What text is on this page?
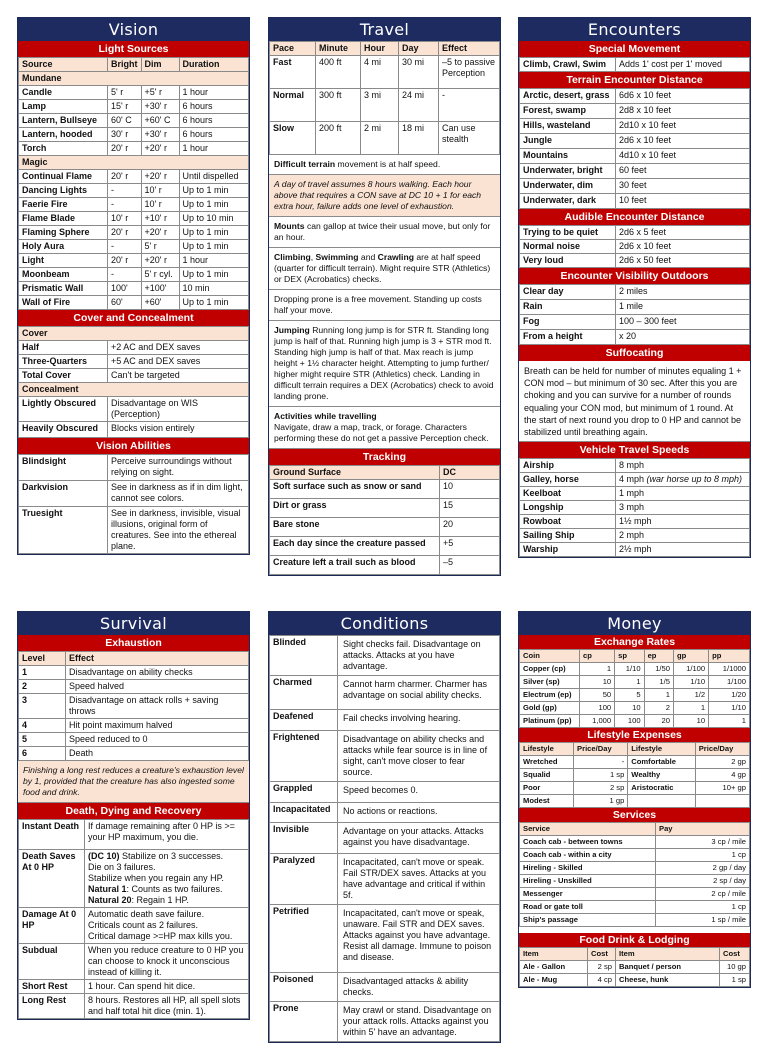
Vision
Light Sources
Source	Bright	Dim	Duration
Mundane			
Candle	5' r	+5' r	1 hour
Lamp	15' r	+30' r	6 hours
Lantern, Bullseye	60' C	+60' C	6 hours
Lantern, hooded	30' r	+30' r	6 hours
Torch	20' r	+20' r	1 hour
Magic			
Continual Flame	20' r	+20' r	Until dispelled
Dancing Lights	-	10' r	Up to 1 min
Faerie Fire	-	10' r	Up to 1 min
Flame Blade	10' r	+10' r	Up to 10 min
Flaming Sphere	20' r	+20' r	Up to 1 min
Holy Aura	-	5' r	Up to 1 min
Light	20' r	+20' r	1 hour
Moonbeam	-	5' r cyl.	Up to 1 min
Prismatic Wall	100'	+100'	10 min
Wall of Fire	60'	+60'	Up to 1 min
Cover and Concealment
Cover	
Half	+2 AC and DEX saves
Three-Quarters	+5 AC and DEX saves
Total Cover	Can't be targeted
Concealment	
Lightly Obscured	Disadvantage on WIS (Perception)
Heavily Obscured	Blocks vision entirely
Vision Abilities
Blindsight	Perceive surroundings without relying on sight.
Darkvision	See in darkness as if in dim light, cannot see colors.
Truesight	See in darkness, invisible, visual illusions, original form of creatures. See into the ethereal plane.
Travel
Pace	Minute	Hour	Day	Effect
Fast	400 ft	4 mi	30 mi	–5 to passive Perception
Normal	300 ft	3 mi	24 mi	-
Slow	200 ft	2 mi	18 mi	Can use stealth
Difficult terrain movement is at half speed.
A day of travel assumes 8 hours walking. Each hour above that requires a CON save at DC 10 + 1 for each extra hour, failure adds one level of exhaustion.
Mounts can gallop at twice their usual move, but only for an hour.
Climbing, Swimming and Crawling are at half speed (quarter for difficult terrain). Might require STR (Athletics) or DEX (Acrobatics) checks.
Dropping prone is a free movement. Standing up costs half your move.
Jumping Running long jump is for STR ft. Standing long jump is half of that. Running high jump is 3 + STR mod ft. Standing high jump is half of that. Max reach is jump height + 1½ character height. Attempting to jump further/ higher might require STR (Athletics) check. Landing in difficult terrain requires a DEX (Acrobatics) check to avoid landing prone.
Activities while travelling
Navigate, draw a map, track, or forage. Characters performing these do not get a passive Perception check.
Tracking
Ground Surface	DC
Soft surface such as snow or sand	10
Dirt or grass	15
Bare stone	20
Each day since the creature passed	+5
Creature left a trail such as blood	–5
Encounters
Special Movement
Climb, Crawl, Swim	Adds 1' cost per 1' moved
Terrain Encounter Distance
Arctic, desert, grass	6d6 x 10 feet
Forest, swamp	2d8 x 10 feet
Hills, wasteland	2d10 x 10 feet
Jungle	2d6 x 10 feet
Mountains	4d10 x 10 feet
Underwater, bright	60 feet
Underwater, dim	30 feet
Underwater, dark	10 feet
Audible Encounter Distance
Trying to be quiet	2d6 x 5 feet
Normal noise	2d6 x 10 feet
Very loud	2d6 x 50 feet
Encounter Visibility Outdoors
Clear day	2 miles
Rain	1 mile
Fog	100 – 300 feet
From a height	x 20
Suffocating
Breath can be held for number of minutes equaling 1 + CON mod – but minimum of 30 sec. After this you are choking and you can survive for a number of rounds equaling your CON mod, but minimum of 1 round. At the start of next round you drop to 0 HP and cannot be stabilized until breathing again.
Vehicle Travel Speeds
Airship	8 mph
Galley, horse	4 mph (war horse up to 8 mph)
Keelboat	1 mph
Longship	3 mph
Rowboat	1½ mph
Sailing Ship	2 mph
Warship	2½ mph
Survival
Exhaustion
Level	Effect
1	Disadvantage on ability checks
2	Speed halved
3	Disadvantage on attack rolls + saving throws
4	Hit point maximum halved
5	Speed reduced to 0
6	Death
Finishing a long rest reduces a creature's exhaustion level by 1, provided that the creature has also ingested some food and drink.
Death, Dying and Recovery
Instant Death	If damage remaining after 0 HP is >= your HP maximum, you die.
Death Saves At 0 HP	(DC 10) Stabilize on 3 successes.
Die on 3 failures.
Stabilize when you regain any HP.
Natural 1: Counts as two failures.
Natural 20: Regain 1 HP.

Damage At 0 HP	Automatic death save failure.
Criticals count as 2 failures.
Critical damage >=HP max kills you.

Subdual	When you reduce creature to 0 HP you can choose to knock it unconscious instead of killing it.
Short Rest	1 hour. Can spend hit dice.
Long Rest	8 hours. Restores all HP, all spell slots and half total hit dice (min. 1).
Conditions
Blinded	Sight checks fail. Disadvantage on attacks. Attacks at you have advantage.
Charmed	Cannot harm charmer. Charmer has advantage on social ability checks.
Deafened	Fail checks involving hearing.
Frightened	Disadvantage on ability checks and attacks while fear source is in line of sight, can't move closer to fear source.
Grappled	Speed becomes 0.
Incapacitated	No actions or reactions.
Invisible	Advantage on your attacks. Attacks against you have disadvantage.
Paralyzed	Incapacitated, can't move or speak. Fail STR/DEX saves. Attacks at you have advantage and critical if within 5f.
Petrified	Incapacitated, can't move or speak, unaware. Fail STR and DEX saves. Attacks against you have advantage. Resist all damage. Immune to poison and disease.
Poisoned	Disadvantaged attacks & ability checks.
Prone	May crawl or stand. Disadvantage on your attack rolls. Attacks against you within 5' have an advantage.
Money
Exchange Rates
Coin	cp	sp	ep	gp	pp
Copper (cp)	1	1/10	1/50	1/100	1/1000
Silver (sp)	10	1	1/5	1/10	1/100
Electrum (ep)	50	5	1	1/2	1/20
Gold (gp)	100	10	2	1	1/10
Platinum (pp)	1,000	100	20	10	1
Lifestyle Expenses
Lifestyle	Price/Day	Lifestyle	Price/Day
Wretched	-	Comfortable	2 gp
Squalid	1 sp	Wealthy	4 gp
Poor	2 sp	Aristocratic	10+ gp
Modest	1 gp		
Services
Service	Pay
Coach cab - between towns	3 cp / mile
Coach cab - within a city	1 cp
Hireling - Skilled	2 gp / day
Hireling - Unskilled	2 sp / day
Messenger	2 cp / mile
Road or gate toll	1 cp
Ship's passage	1 sp / mile
Food Drink & Lodging
Item	Cost	Item	Cost
Ale - Gallon	2 sp	Banquet / person	10 gp
Ale - Mug	4 cp	Cheese, hunk	1 sp
